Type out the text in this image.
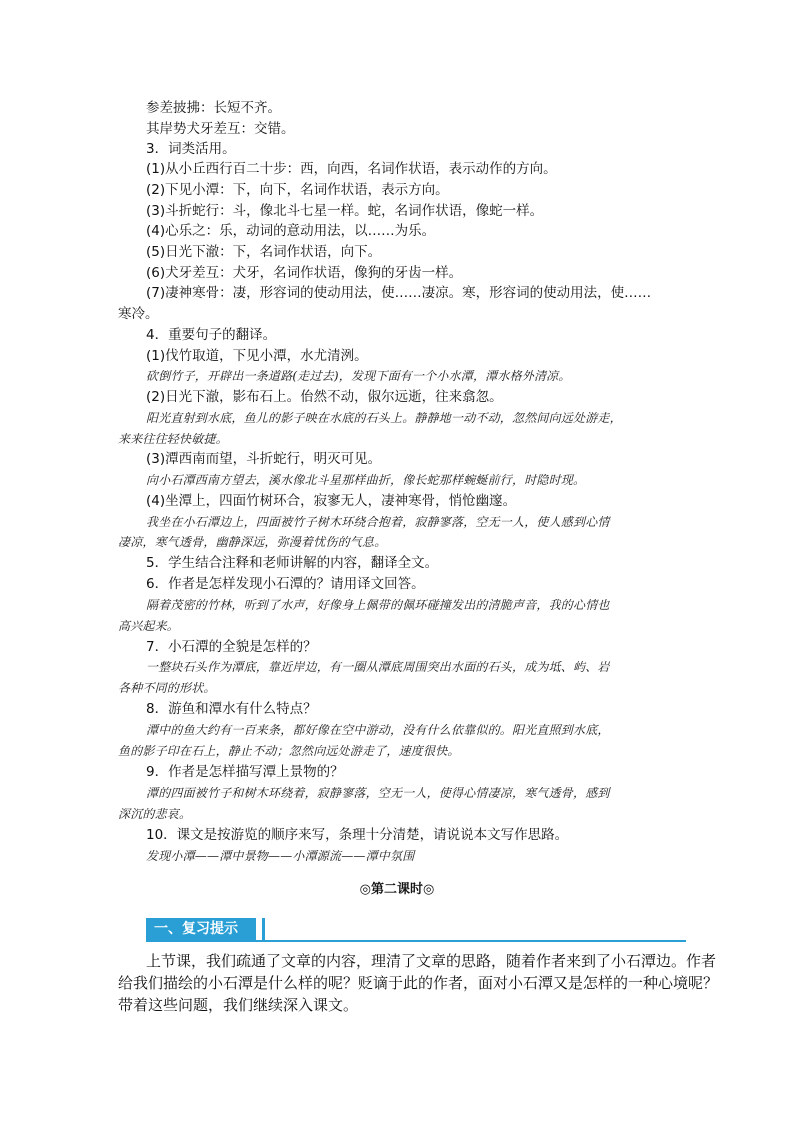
参差披拂：长短不齐。
其岸势犬牙差互：交错。
3．词类活用。
(1)从小丘西行百二十步：西，向西，名词作状语，表示动作的方向。
(2)下见小潭：下，向下，名词作状语，表示方向。
(3)斗折蛇行：斗，像北斗七星一样。蛇，名词作状语，像蛇一样。
(4)心乐之：乐，动词的意动用法，以……为乐。
(5)日光下澈：下，名词作状语，向下。
(6)犬牙差互：犬牙，名词作状语，像狗的牙齿一样。
(7)凄神寒骨：凄，形容词的使动用法，使……凄凉。寒，形容词的使动用法，使……
寒冷。
4．重要句子的翻译。
(1)伐竹取道，下见小潭，水尤清洌。
砍倒竹子，开辟出一条道路(走过去)，发现下面有一个小水潭，潭水格外清凉。
(2)日光下澈，影布石上。佁然不动，俶尔远逝，往来翕忽。
阳光直射到水底，鱼儿的影子映在水底的石头上。静静地一动不动，忽然间向远处游走，
来来往往轻快敏捷。
(3)潭西南而望，斗折蛇行，明灭可见。
向小石潭西南方望去，溪水像北斗星那样曲折，像长蛇那样蜿蜒前行，时隐时现。
(4)坐潭上，四面竹树环合，寂寥无人，凄神寒骨，悄怆幽邃。
我坐在小石潭边上，四面被竹子树木环绕合抱着，寂静寥落，空无一人，使人感到心情
凄凉，寒气透骨，幽静深远，弥漫着忧伤的气息。
5．学生结合注释和老师讲解的内容，翻译全文。
6．作者是怎样发现小石潭的？请用译文回答。
隔着茂密的竹林，听到了水声，好像身上佩带的佩环碰撞发出的清脆声音，我的心情也
高兴起来。
7．小石潭的全貌是怎样的？
一整块石头作为潭底，靠近岸边，有一圈从潭底周围突出水面的石头，成为坻、屿、岩
各种不同的形状。
8．游鱼和潭水有什么特点？
潭中的鱼大约有一百来条，都好像在空中游动，没有什么依靠似的。阳光直照到水底，
鱼的影子印在石上，静止不动；忽然向远处游走了，速度很快。
9．作者是怎样描写潭上景物的？
潭的四面被竹子和树木环绕着，寂静寥落，空无一人，使得心情凄凉，寒气透骨，感到
深沉的悲哀。
10．课文是按游览的顺序来写，条理十分清楚，请说说本文写作思路。
发现小潭——潭中景物——小潭源流——潭中氛围
◎第二课时◎
一、复习提示
上节课，我们疏通了文章的内容，理清了文章的思路，随着作者来到了小石潭边。作者
给我们描绘的小石潭是什么样的呢？贬谪于此的作者，面对小石潭又是怎样的一种心境呢？
带着这些问题，我们继续深入课文。
